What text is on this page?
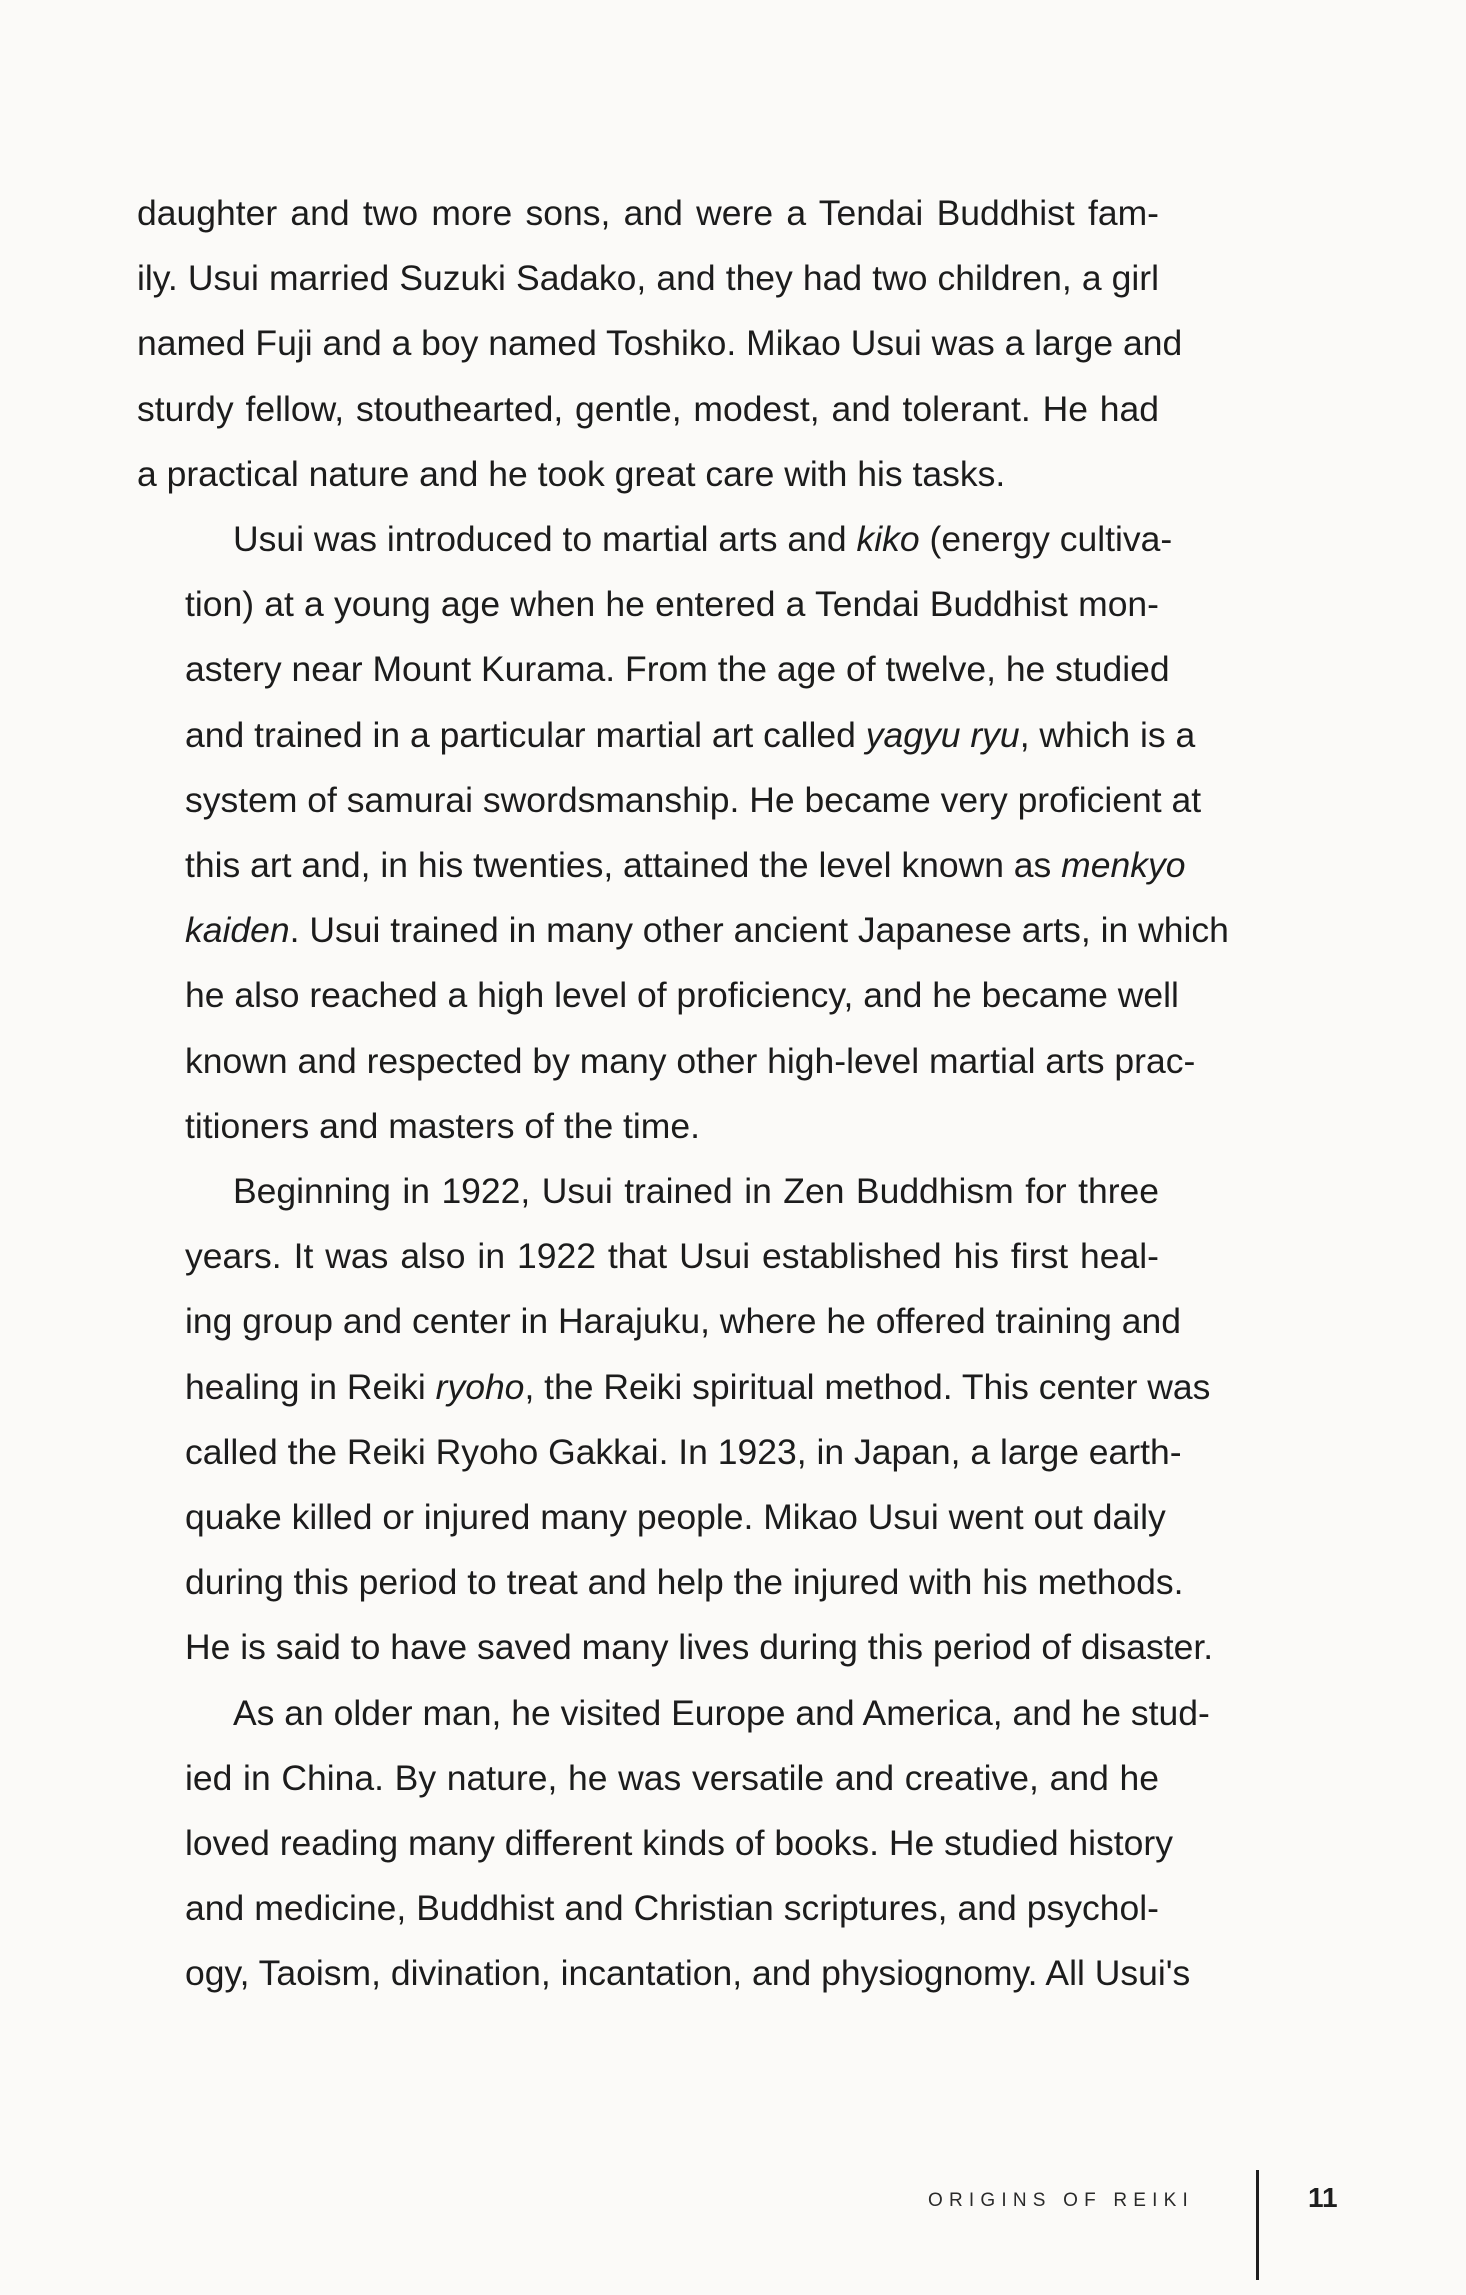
daughter and two more sons, and were a Tendai Buddhist fam-
ily. Usui married Suzuki Sadako, and they had two children, a girl
named Fuji and a boy named Toshiko. Mikao Usui was a large and
sturdy fellow, stouthearted, gentle, modest, and tolerant. He had
a practical nature and he took great care with his tasks.
Usui was introduced to martial arts and kiko (energy cultiva-
tion) at a young age when he entered a Tendai Buddhist mon-
astery near Mount Kurama. From the age of twelve, he studied
and trained in a particular martial art called yagyu ryu, which is a
system of samurai swordsmanship. He became very proficient at
this art and, in his twenties, attained the level known as menkyo
kaiden. Usui trained in many other ancient Japanese arts, in which
he also reached a high level of proficiency, and he became well
known and respected by many other high-level martial arts prac-
titioners and masters of the time.
Beginning in 1922, Usui trained in Zen Buddhism for three
years. It was also in 1922 that Usui established his first heal-
ing group and center in Harajuku, where he offered training and
healing in Reiki ryoho, the Reiki spiritual method. This center was
called the Reiki Ryoho Gakkai. In 1923, in Japan, a large earth-
quake killed or injured many people. Mikao Usui went out daily
during this period to treat and help the injured with his methods.
He is said to have saved many lives during this period of disaster.
As an older man, he visited Europe and America, and he stud-
ied in China. By nature, he was versatile and creative, and he
loved reading many different kinds of books. He studied history
and medicine, Buddhist and Christian scriptures, and psychol-
ogy, Taoism, divination, incantation, and physiognomy. All Usui's
ORIGINS OF REIKI	11
